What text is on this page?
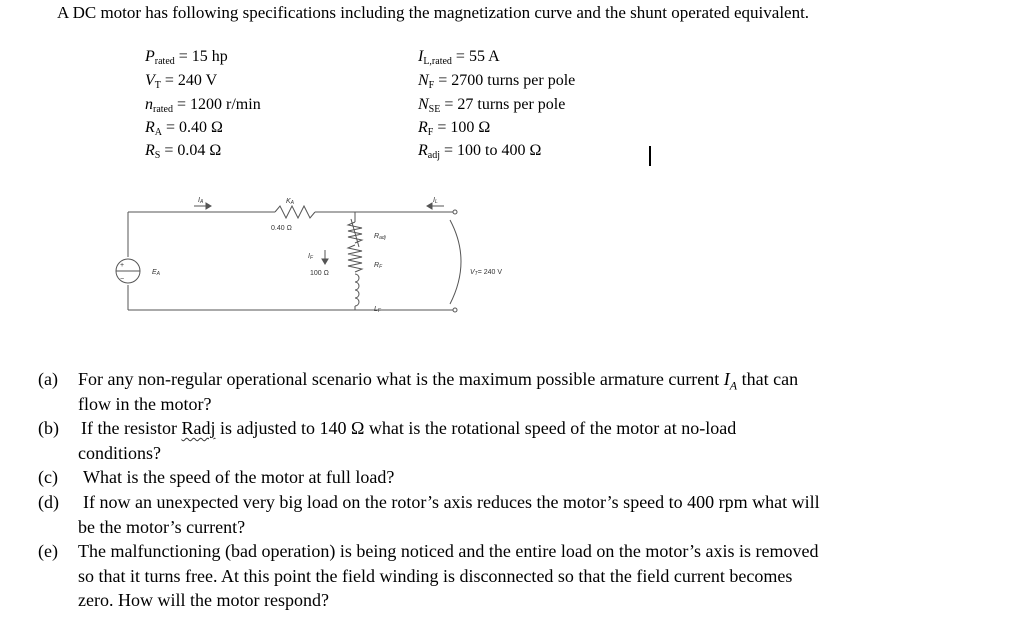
A DC motor has following specifications including the magnetization curve and the shunt operated equivalent.
$P_{rated} = 15$ hp
$V_T = 240$ V
$n_{rated} = 1200$ r/min
$R_A = 0.40$ Ω
$R_S = 0.04$ Ω
$I_{L,rated} = 55$ A
$N_F = 2700$ turns per pole
$N_{SE} = 27$ turns per pole
$R_F = 100$ Ω
$R_{adj} = 100$ to 400 Ω
+
−
IA	KA
IF
Radj
RF
LF
EA
IL
VT= 240 V
0.40 Ω
100 Ω
(a) For any non-regular operational scenario what is the maximum possible armature current $I_A$ that can
flow in the motor?
(b) If the resistor Radj is adjusted to 140 Ω what is the rotational speed of the motor at no-load
conditions?
(c) What is the speed of the motor at full load?
(d) If now an unexpected very big load on the rotor’s axis reduces the motor’s speed to 400 rpm what will
be the motor’s current?
(e) The malfunctioning (bad operation) is being noticed and the entire load on the motor’s axis is removed
so that it turns free. At this point the field winding is disconnected so that the field current becomes
zero. How will the motor respond?
